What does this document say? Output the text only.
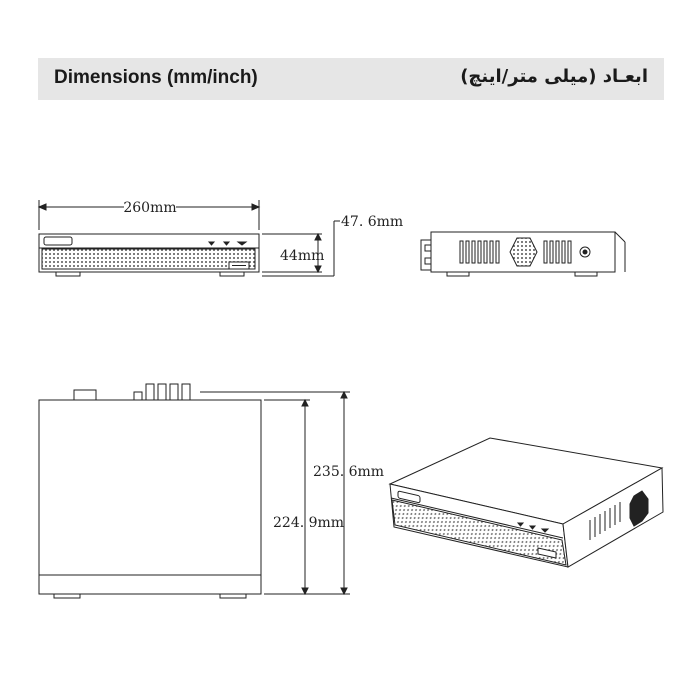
Dimensions (mm/inch)	ابعـاد (میلی متر/اینچ)
260mm
44mm
47. 6mm
235. 6mm
224. 9mm
